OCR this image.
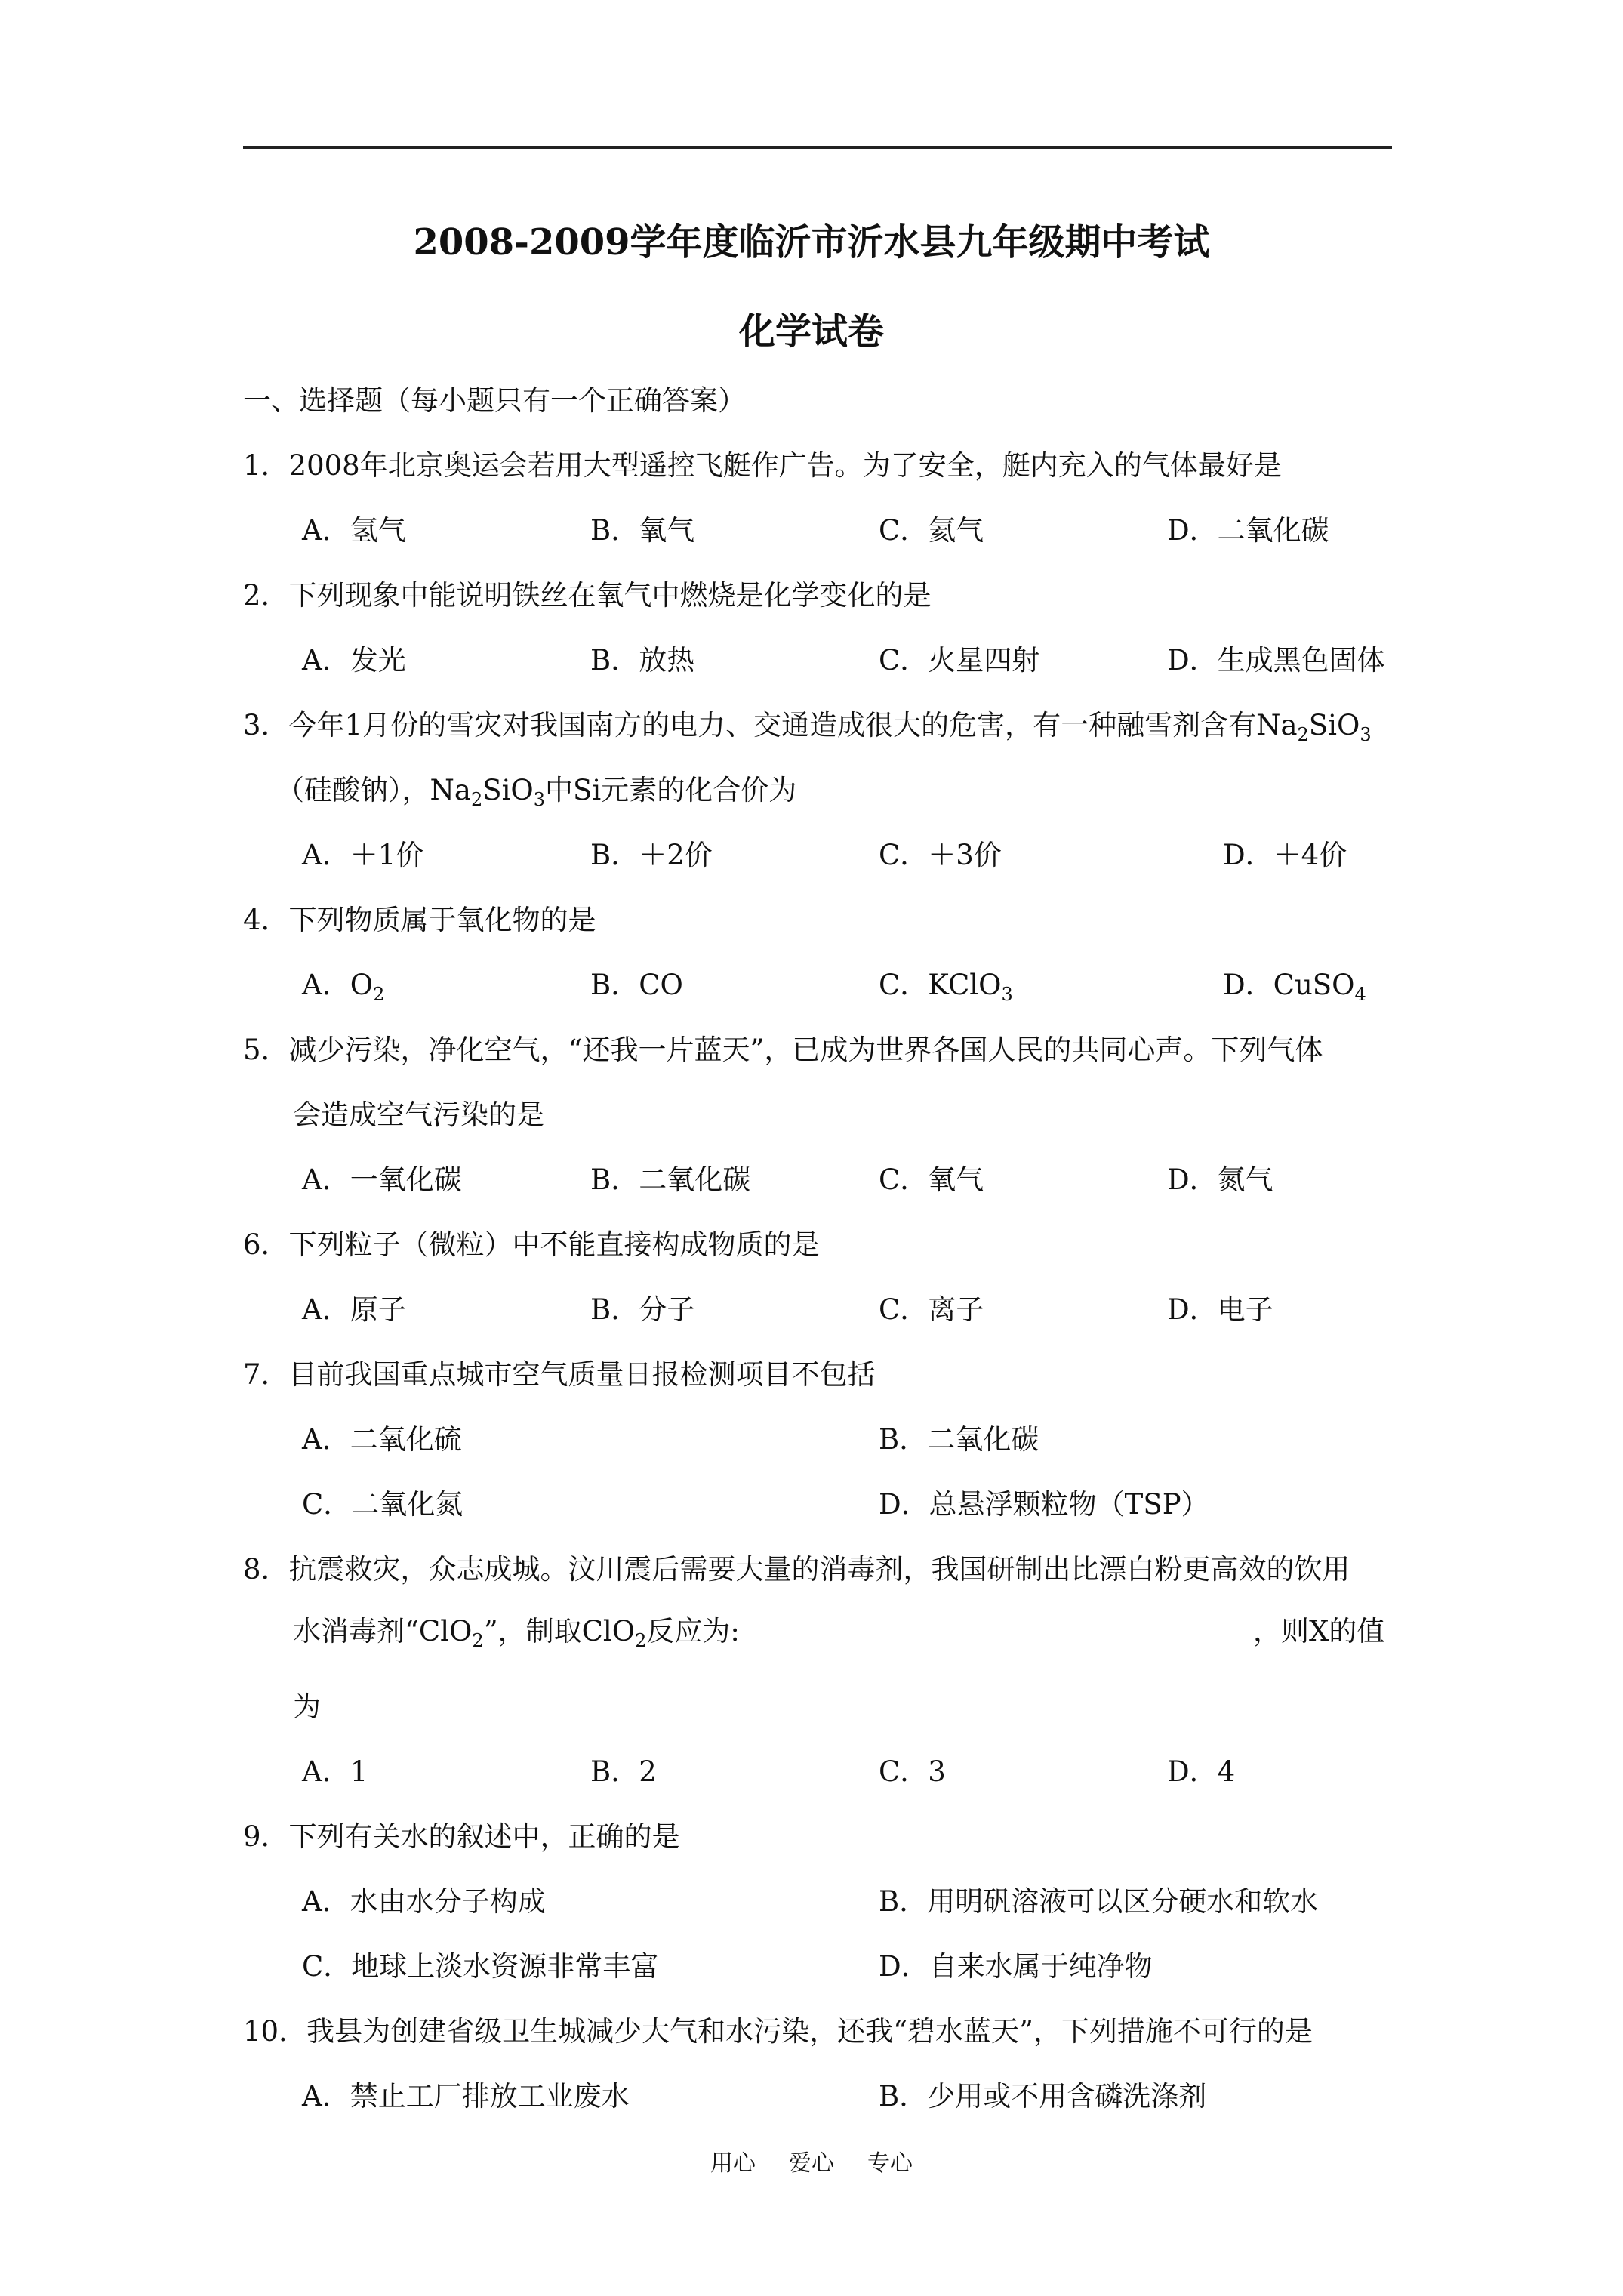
2008-2009学年度临沂市沂水县九年级期中考试
化学试卷
一、选择题（每小题只有一个正确答案）
1．2008年北京奥运会若用大型遥控飞艇作广告。为了安全，艇内充入的气体最好是
A．氢气	B．氧气	C．氦气	D．二氧化碳
2．下列现象中能说明铁丝在氧气中燃烧是化学变化的是
A．发光	B．放热	C．火星四射	D．生成黑色固体
3．今年1月份的雪灾对我国南方的电力、交通造成很大的危害，有一种融雪剂含有$Na_2SiO_3$
（硅酸钠），$Na_2SiO_3$中Si元素的化合价为
A．＋1价	B．＋2价	C．＋3价	D．＋4价
4．下列物质属于氧化物的是
A．$O_2$	B．CO	C．KClO$_3$	D．CuSO$_4$
5．减少污染，净化空气，“还我一片蓝天”，已成为世界各国人民的共同心声。下列气体
会造成空气污染的是
A．一氧化碳	B．二氧化碳	C．氧气	D．氮气
6．下列粒子（微粒）中不能直接构成物质的是
A．原子	B．分子	C．离子	D．电子
7．目前我国重点城市空气质量日报检测项目不包括
A．二氧化硫	B．二氧化碳
C．二氧化氮	D．总悬浮颗粒物（TSP）
8．抗震救灾，众志成城。汶川震后需要大量的消毒剂，我国研制出比漂白粉更高效的饮用
水消毒剂“ClO$_2$”，制取ClO$_2$反应为:	，则X的值
为
A．1	B．2	C．3	D．4
9．下列有关水的叙述中，正确的是
A．水由水分子构成	B．用明矾溶液可以区分硬水和软水
C．地球上淡水资源非常丰富	D．自来水属于纯净物
10．我县为创建省级卫生城减少大气和水污染，还我“碧水蓝天”，下列措施不可行的是
A．禁止工厂排放工业废水	B．少用或不用含磷洗涤剂
用心 爱心 专心
